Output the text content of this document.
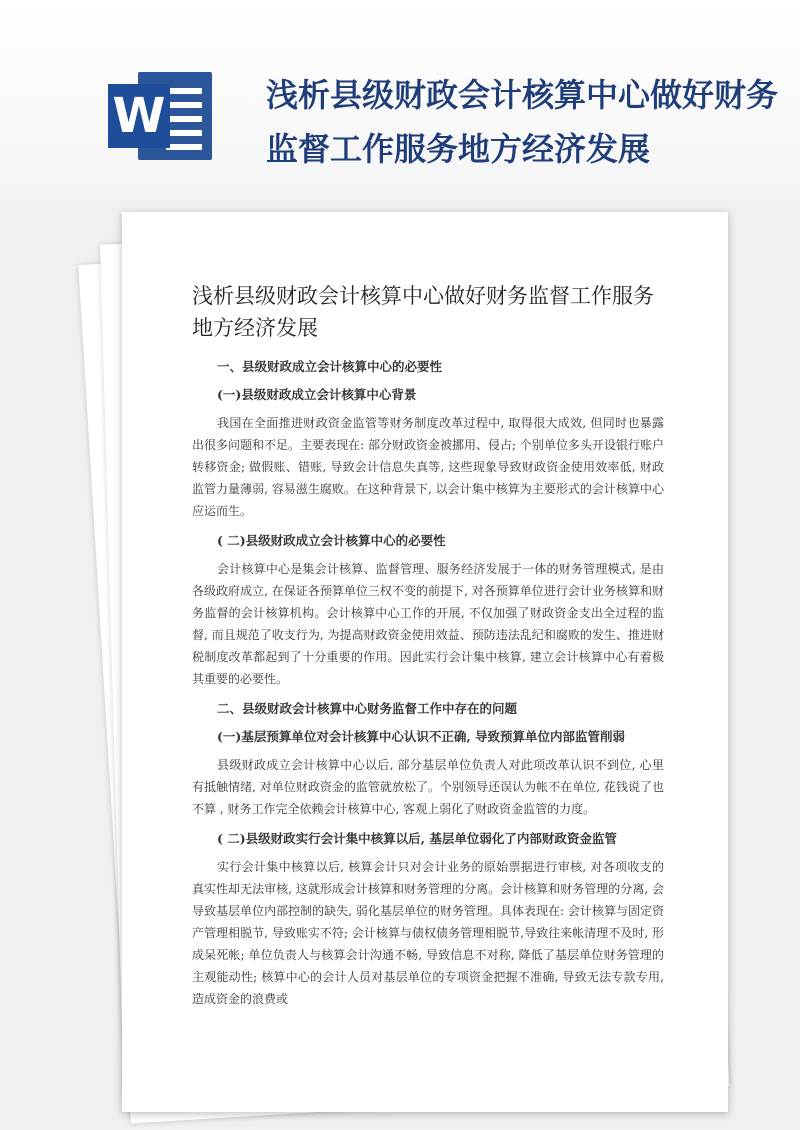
W	浅析县级财政会计核算中心做好财务监督工作服务地方经济发展
浅析县级财政会计核算中心做好财务监督工作服务地方经济发展
一、县级财政成立会计核算中心的必要性
(一)县级财政成立会计核算中心背景

我国在全面推进财政资金监管等财务制度改革过程中, 取得很大成效, 但同时也暴露出很多问题和不足。主要表现在: 部分财政资金被挪用、侵占; 个别单位多头开设银行账户转移资金; 做假账、错账, 导致会计信息失真等, 这些现象导致财政资金使用效率低, 财政监管力量薄弱, 容易滋生腐败。在这种背景下, 以会计集中核算为主要形式的会计核算中心应运而生。

( 二)县级财政成立会计核算中心的必要性

会计核算中心是集会计核算、监督管理、服务经济发展于一体的财务管理模式, 是由各级政府成立, 在保证各预算单位三权不变的前提下, 对各预算单位进行会计业务核算和财务监督的会计核算机构。会计核算中心工作的开展, 不仅加强了财政资金支出全过程的监督, 而且规范了收支行为, 为提高财政资金使用效益、预防违法乱纪和腐败的发生、推进财税制度改革都起到了十分重要的作用。因此实行会计集中核算, 建立会计核算中心有着极其重要的必要性。

二、县级财政会计核算中心财务监督工作中存在的问题
(一)基层预算单位对会计核算中心认识不正确, 导致预算单位内部监管削弱

县级财政成立会计核算中心以后, 部分基层单位负责人对此项改革认识不到位, 心里有抵触情绪, 对单位财政资金的监管就放松了。个别领导还误认为帐不在单位, 花钱说了也不算 , 财务工作完全依赖会计核算中心, 客观上弱化了财政资金监管的力度。

( 二)县级财政实行会计集中核算以后, 基层单位弱化了内部财政资金监管

实行会计集中核算以后, 核算会计只对会计业务的原始票据进行审核, 对各项收支的真实性却无法审核, 这就形成会计核算和财务管理的分离。会计核算和财务管理的分离, 会导致基层单位内部控制的缺失, 弱化基层单位的财务管理。具体表现在: 会计核算与固定资产管理相脱节, 导致账实不符; 会计核算与债权债务管理相脱节,导致往来帐清理不及时, 形成呆死帐; 单位负责人与核算会计沟通不畅, 导致信息不对称, 降低了基层单位财务管理的主观能动性; 核算中心的会计人员对基层单位的专项资金把握不准确, 导致无法专款专用, 造成资金的浪费或
